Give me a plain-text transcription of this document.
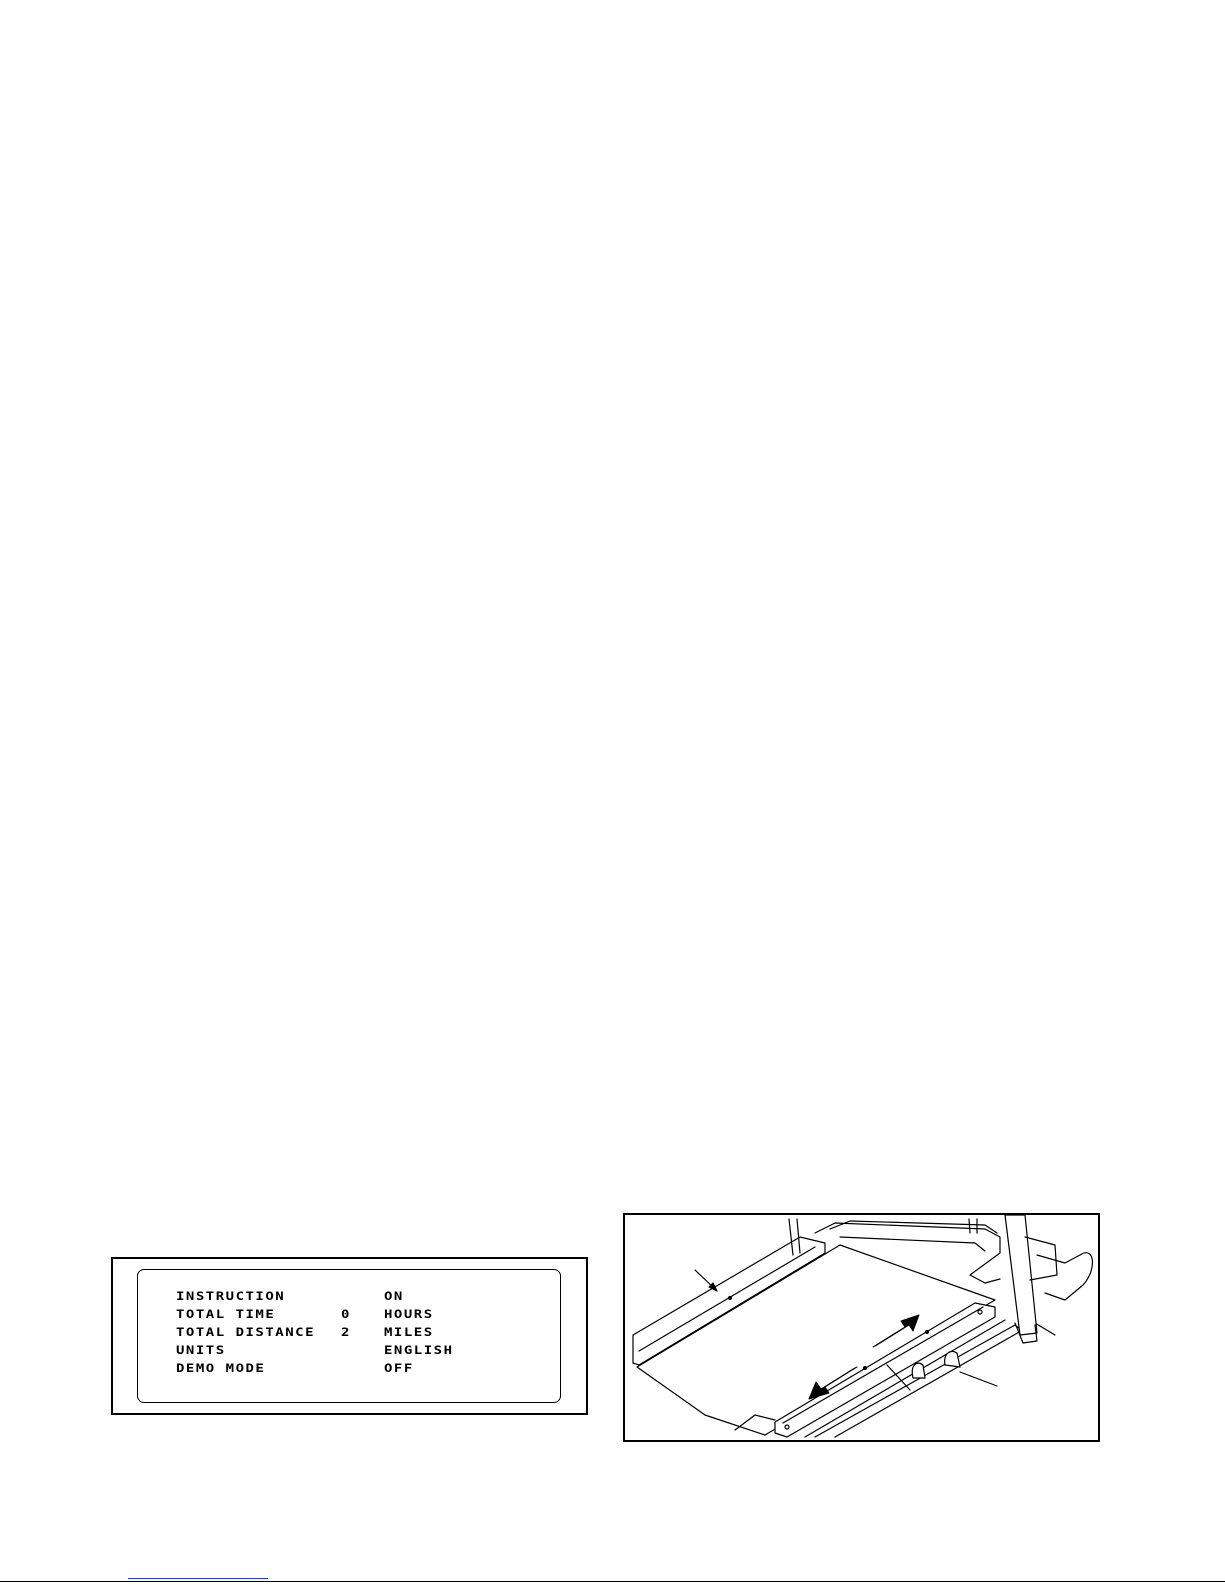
INSTRUCTION	ON
TOTAL TIME	0 HOURS
TOTAL DISTANCE 2 MILES
UNITS	ENGLISH
DEMO MODE	OFF
